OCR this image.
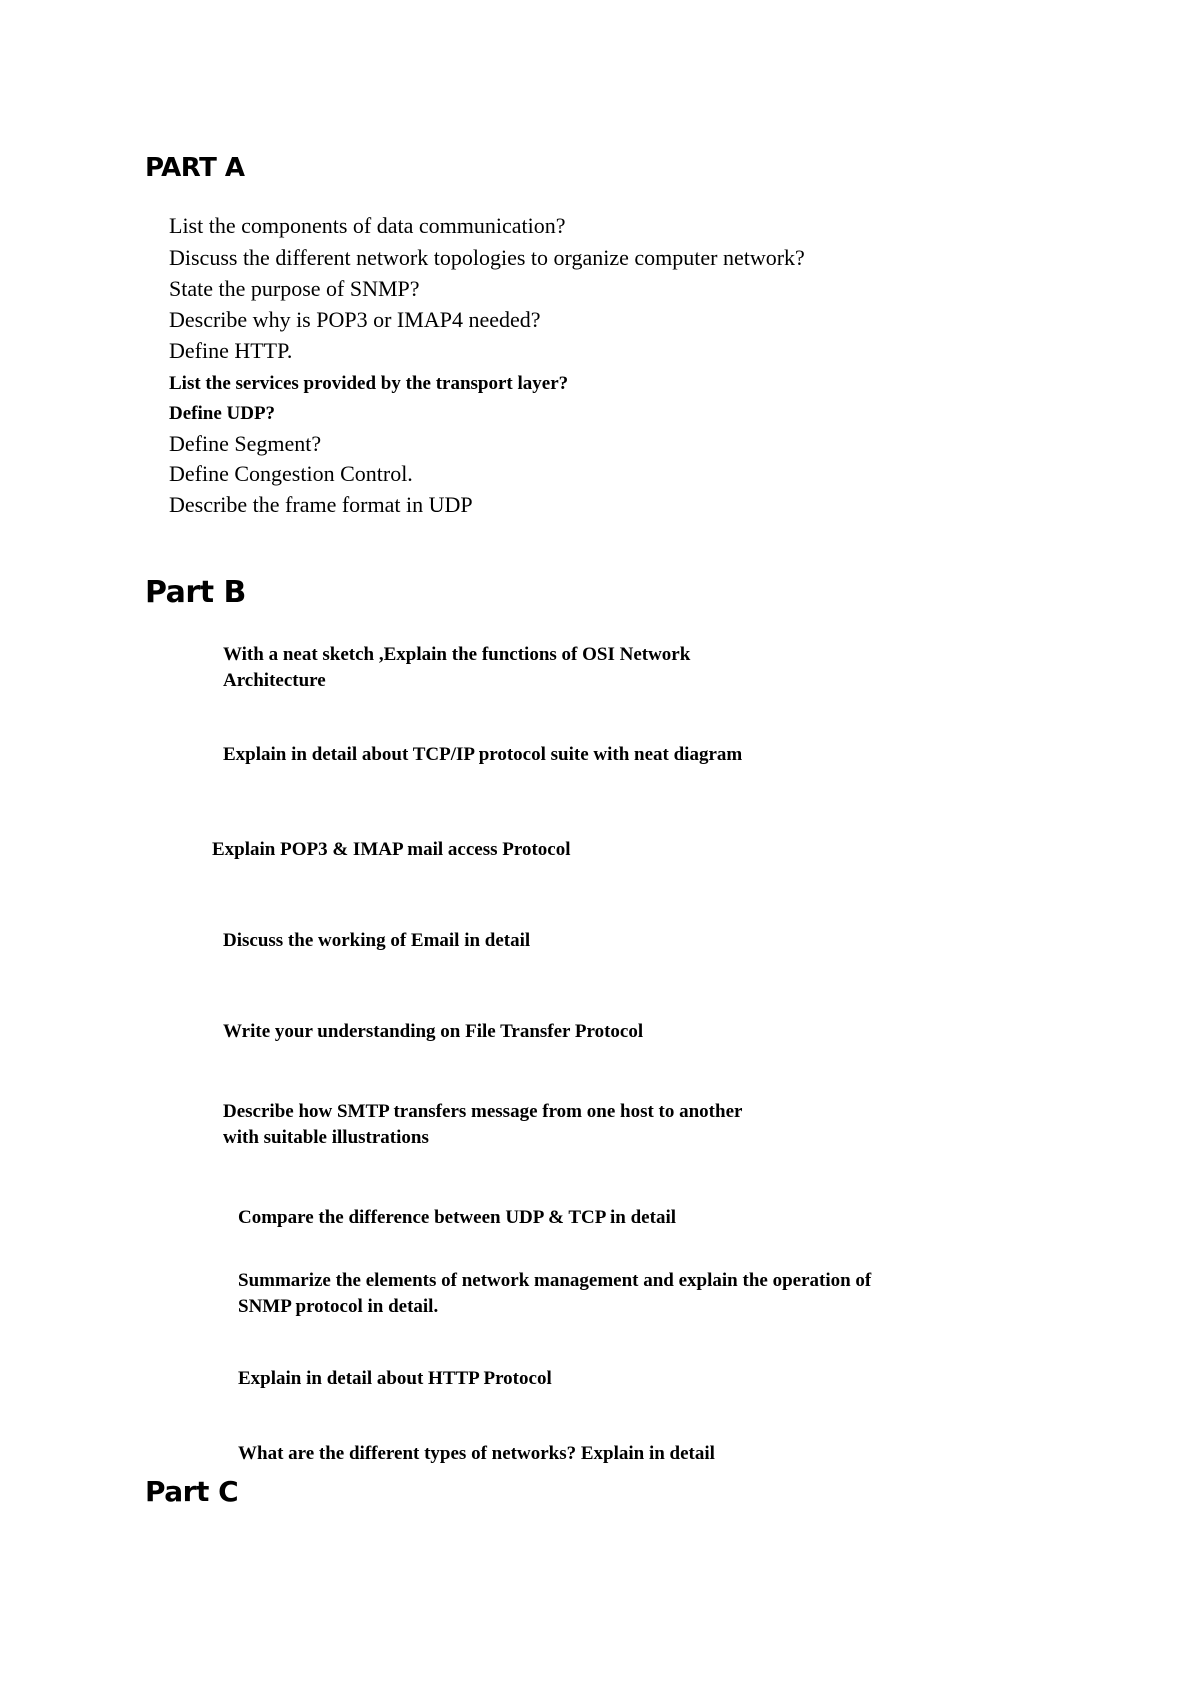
PART A
List the components of data communication?
Discuss the different network topologies to organize computer network?
State the purpose of SNMP?
Describe why is POP3 or IMAP4 needed?
Define HTTP.
List the services provided by the transport layer?
Define UDP?
Define Segment?
Define Congestion Control.
Describe the frame format in UDP
Part B
With a neat sketch ,Explain the functions of OSI Network
Architecture
Explain in detail about TCP/IP protocol suite with neat diagram
Explain POP3 & IMAP mail access Protocol
Discuss the working of Email in detail
Write your understanding on File Transfer Protocol
Describe how SMTP transfers message from one host to another
with suitable illustrations
Compare the difference between UDP & TCP in detail
Summarize the elements of network management and explain the operation of
SNMP protocol in detail.
Explain in detail about HTTP Protocol
What are the different types of networks? Explain in detail
Part C
